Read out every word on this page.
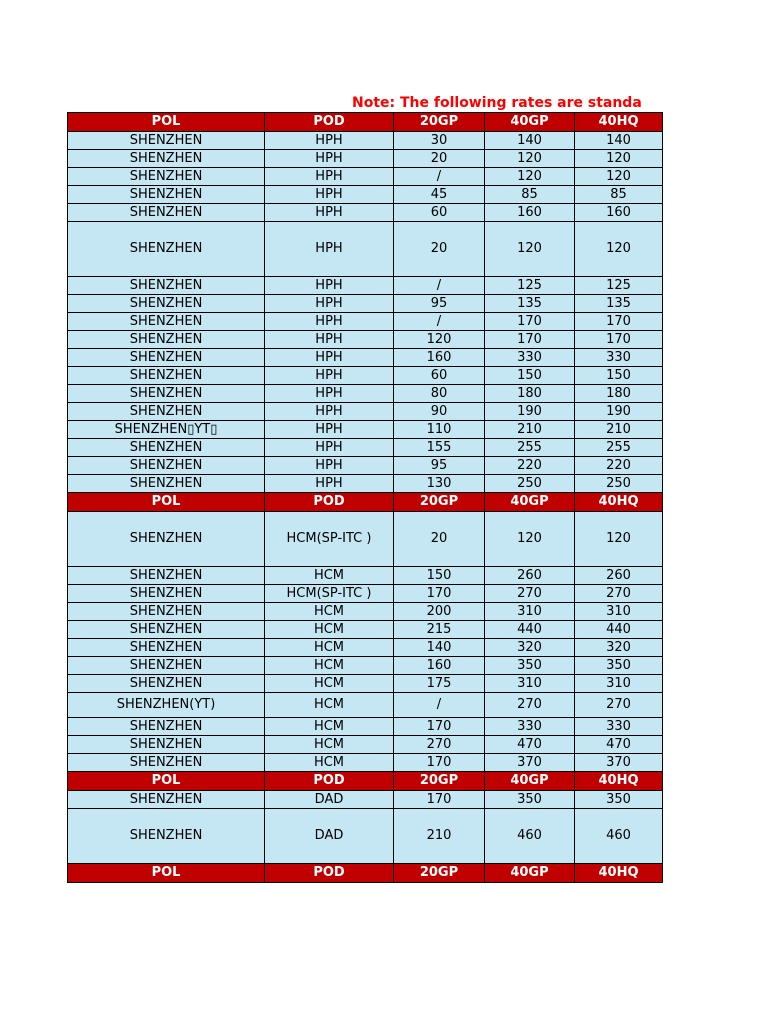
Note: The following rates are standa
POL	POD	20GP	40GP	40HQ
SHENZHEN	HPH	30	140	140
SHENZHEN	HPH	20	120	120
SHENZHEN	HPH	/	120	120
SHENZHEN	HPH	45	85	85
SHENZHEN	HPH	60	160	160
SHENZHEN	HPH	20	120	120
SHENZHEN	HPH	/	125	125
SHENZHEN	HPH	95	135	135
SHENZHEN	HPH	/	170	170
SHENZHEN	HPH	120	170	170
SHENZHEN	HPH	160	330	330
SHENZHEN	HPH	60	150	150
SHENZHEN	HPH	80	180	180
SHENZHEN	HPH	90	190	190
SHENZHEN▯YT▯	HPH	110	210	210
SHENZHEN	HPH	155	255	255
SHENZHEN	HPH	95	220	220
SHENZHEN	HPH	130	250	250
POL	POD	20GP	40GP	40HQ
SHENZHEN	HCM(SP-ITC )	20	120	120
SHENZHEN	HCM	150	260	260
SHENZHEN	HCM(SP-ITC )	170	270	270
SHENZHEN	HCM	200	310	310
SHENZHEN	HCM	215	440	440
SHENZHEN	HCM	140	320	320
SHENZHEN	HCM	160	350	350
SHENZHEN	HCM	175	310	310
SHENZHEN(YT)	HCM	/	270	270
SHENZHEN	HCM	170	330	330
SHENZHEN	HCM	270	470	470
SHENZHEN	HCM	170	370	370
POL	POD	20GP	40GP	40HQ
SHENZHEN	DAD	170	350	350
SHENZHEN	DAD	210	460	460
POL	POD	20GP	40GP	40HQ
